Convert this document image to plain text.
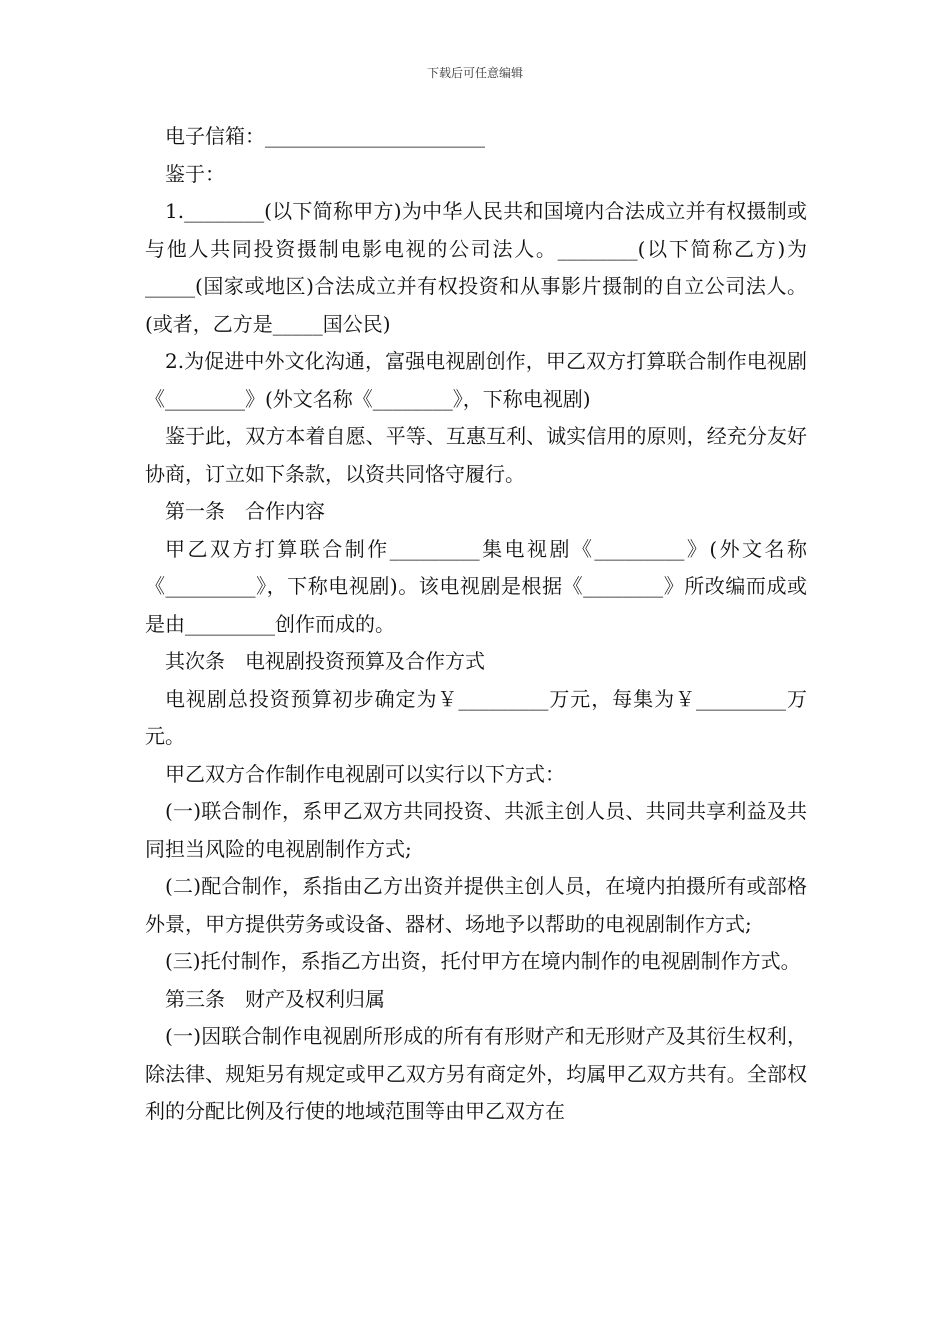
下载后可任意编辑

电子信箱：______________________

鉴于：

1.________(以下简称甲方)为中华人民共和国境内合法成立并有权摄制或与他人共同投资摄制电影电视的公司法人。________(以下简称乙方)为_____(国家或地区)合法成立并有权投资和从事影片摄制的自立公司法人。(或者，乙方是_____国公民)

2.为促进中外文化沟通，富强电视剧创作，甲乙双方打算联合制作电视剧《________》(外文名称《________》，下称电视剧)

鉴于此，双方本着自愿、平等、互惠互利、诚实信用的原则，经充分友好协商，订立如下条款，以资共同恪守履行。

第一条　合作内容

甲乙双方打算联合制作_________集电视剧《_________》(外文名称《_________》，下称电视剧)。该电视剧是根据《________》所改编而成或是由_________创作而成的。

其次条　电视剧投资预算及合作方式

电视剧总投资预算初步确定为￥_________万元，每集为￥_________万元。

甲乙双方合作制作电视剧可以实行以下方式：

(一)联合制作，系甲乙双方共同投资、共派主创人员、共同共享利益及共同担当风险的电视剧制作方式;

(二)配合制作，系指由乙方出资并提供主创人员，在境内拍摄所有或部格外景，甲方提供劳务或设备、器材、场地予以帮助的电视剧制作方式;

(三)托付制作，系指乙方出资，托付甲方在境内制作的电视剧制作方式。

第三条　财产及权利归属

(一)因联合制作电视剧所形成的所有有形财产和无形财产及其衍生权利，除法律、规矩另有规定或甲乙双方另有商定外，均属甲乙双方共有。全部权利的分配比例及行使的地域范围等由甲乙双方在
